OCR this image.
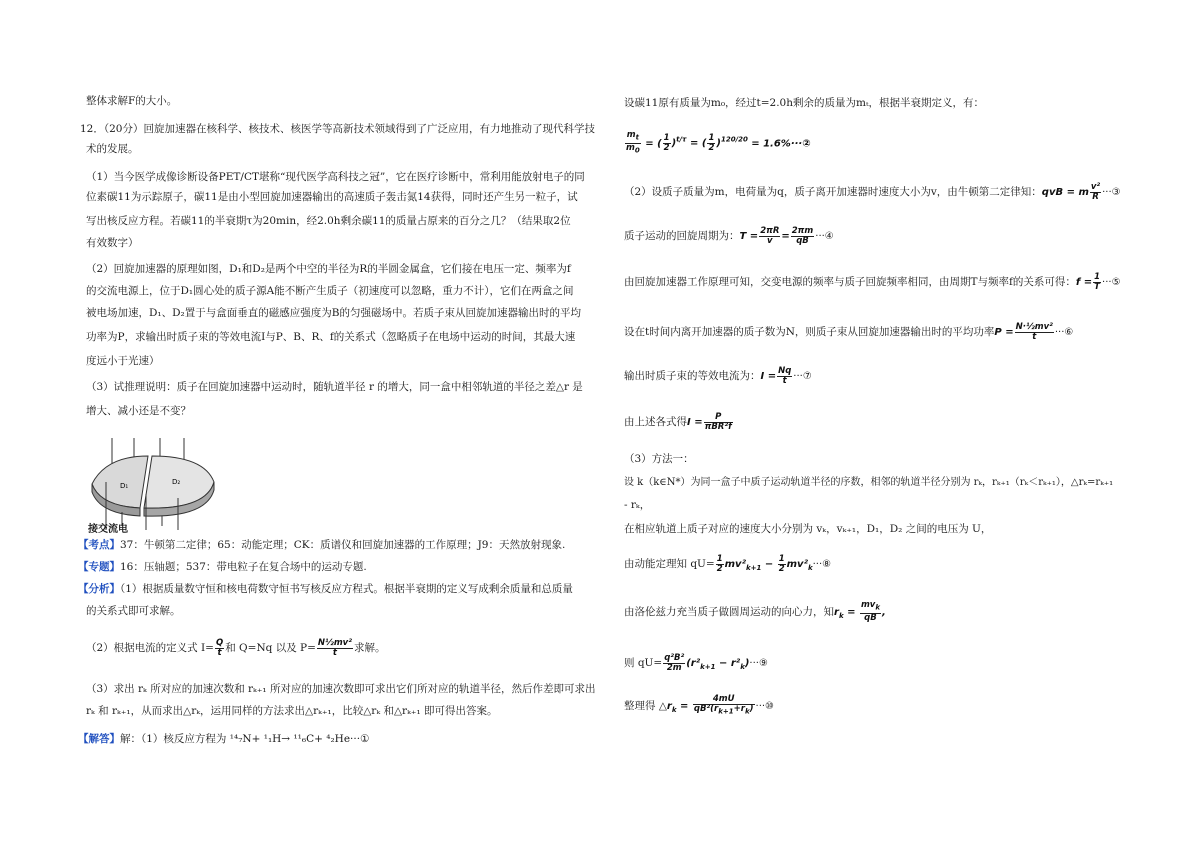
整体求解F的大小。
12．（20分）回旋加速器在核科学、核技术、核医学等高新技术领域得到了广泛应用，有力地推动了现代科学技
术的发展。
（1）当今医学成像诊断设备PET/CT堪称“现代医学高科技之冠”，它在医疗诊断中，常利用能放射电子的同
位素碳11为示踪原子，碳11是由小型回旋加速器输出的高速质子轰击氮14获得，同时还产生另一粒子，试
写出核反应方程。若碳11的半衰期τ为20min，经2.0h剩余碳11的质量占原来的百分之几？（结果取2位
有效数字）
（2）回旋加速器的原理如图，D₁和D₂是两个中空的半径为R的半圆金属盒，它们接在电压一定、频率为f
的交流电源上，位于D₁圆心处的质子源A能不断产生质子（初速度可以忽略，重力不计），它们在两盒之间
被电场加速，D₁、D₂置于与盒面垂直的磁感应强度为B的匀强磁场中。若质子束从回旋加速器输出时的平均
功率为P，求输出时质子束的等效电流I与P、B、R、f的关系式（忽略质子在电场中运动的时间，其最大速
度远小于光速）
（3）试推理说明：质子在回旋加速器中运动时，随轨道半径 r 的增大，同一盒中相邻轨道的半径之差△r 是
增大、减小还是不变？
D₁	D₂
接交流电
【考点】37：牛顿第二定律；65：动能定理；CK：质谱仪和回旋加速器的工作原理；J9：天然放射现象.
【专题】16：压轴题；537：带电粒子在复合场中的运动专题.
【分析】（1）根据质量数守恒和核电荷数守恒书写核反应方程式。根据半衰期的定义写成剩余质量和总质量
的关系式即可求解。
（2）根据电流的定义式 $I= \frac{Q}{t}$ 和 Q=Nq 以及 $P= \frac{\text{N½mv²}}{t}$ 求解。
（3）求出 rₖ 所对应的加速次数和 rₖ₊₁ 所对应的加速次数即可求出它们所对应的轨道半径，然后作差即可求出
rₖ 和 rₖ₊₁，从而求出△rₖ，运用同样的方法求出△rₖ₊₁，比较△rₖ 和△rₖ₊₁ 即可得出答案。
【解答】解：（1）核反应方程为 ¹⁴₇N+ ¹₁H→ ¹¹₆C+ ⁴₂He···①
设碳11原有质量为m₀，经过t=2.0h剩余的质量为mₜ，根据半衰期定义，有：
$\frac{m_t}{m_0}$ = ( $\frac{1}{2} )^{t/\tau}$ = ( $\frac{1}{2} )^{120/20}$ = 1.6%···②
（2）设质子质量为m，电荷量为q，质子离开加速器时速度大小为v，由牛顿第二定律知：qvB = m $\frac{\text{v²}}{R}$ ···③
质子运动的回旋周期为：$T = \frac{2\pi R}{v} = \frac{2\pi m}{qB}$ ···④
由回旋加速器工作原理可知，交变电源的频率与质子回旋频率相同，由周期T与频率f的关系可得：$f = \frac{1}{T}$ ···⑤
设在t时间内离开加速器的质子数为N，则质子束从回旋加速器输出时的平均功率$P = \frac{\text{N·½mv²}}{t}$ ···⑥
输出时质子束的等效电流为：$I = \frac{Nq}{t}$ ···⑦
由上述各式得$I = \frac{P}{\text{πBR²f}}$
（3）方法一：
设 k（k∈N*）为同一盒子中质子运动轨道半径的序数，相邻的轨道半径分别为 rₖ，rₖ₊₁（rₖ＜rₖ₊₁），△rₖ=rₖ₊₁
- rₖ，
在相应轨道上质子对应的速度大小分别为 vₖ，vₖ₊₁，D₁，D₂ 之间的电压为 U，
由动能定理知 $qU= \frac{1}{2} mv^2_{k+1} - \frac{1}{2}$ $mv^2_k\cdot\cdot\cdot ⑧$
由洛伦兹力充当质子做圆周运动的向心力，知$r_k = \frac{mv_k}{qB}$ ,
则 $qU= \frac{\text{q²B²}}{2m} (r^2_{k+1}$ − $r^2_k)\cdot\cdot\cdot ⑨$
整理得 $\triangle r_k = \frac{4mU}{qB^2(r_{k+1}+r_k)}$ ···⑩
